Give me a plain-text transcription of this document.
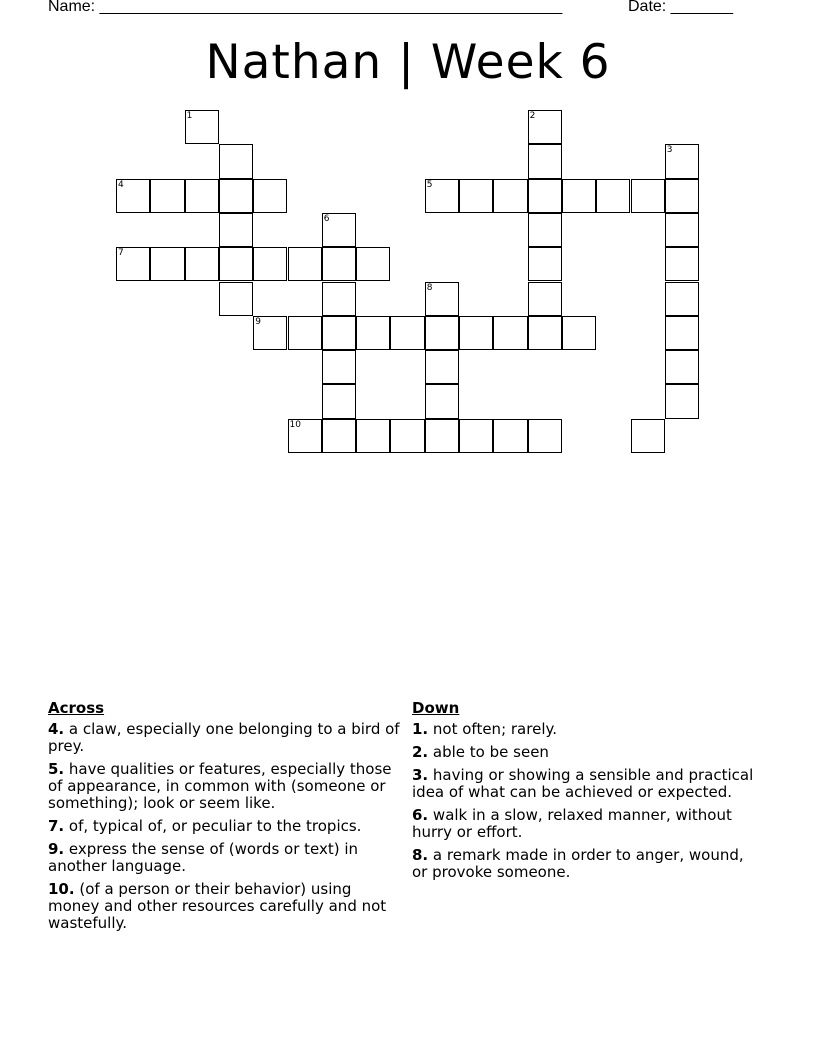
Name: ____________________________________________________

	Date: _______

Nathan | Week 6
1	2
3
4	5
6
7
8
9
10
Across
4. a claw, especially one belonging to a bird of prey.
5. have qualities or features, especially those of appearance, in common with (someone or something); look or seem like.
7. of, typical of, or peculiar to the tropics.
9. express the sense of (words or text) in another language.
10. (of a person or their behavior) using money and other resources carefully and not wastefully.
Down
1. not often; rarely.
2. able to be seen
3. having or showing a sensible and practical idea of what can be achieved or expected.
6. walk in a slow, relaxed manner, without hurry or effort.
8. a remark made in order to anger, wound, or provoke someone.
